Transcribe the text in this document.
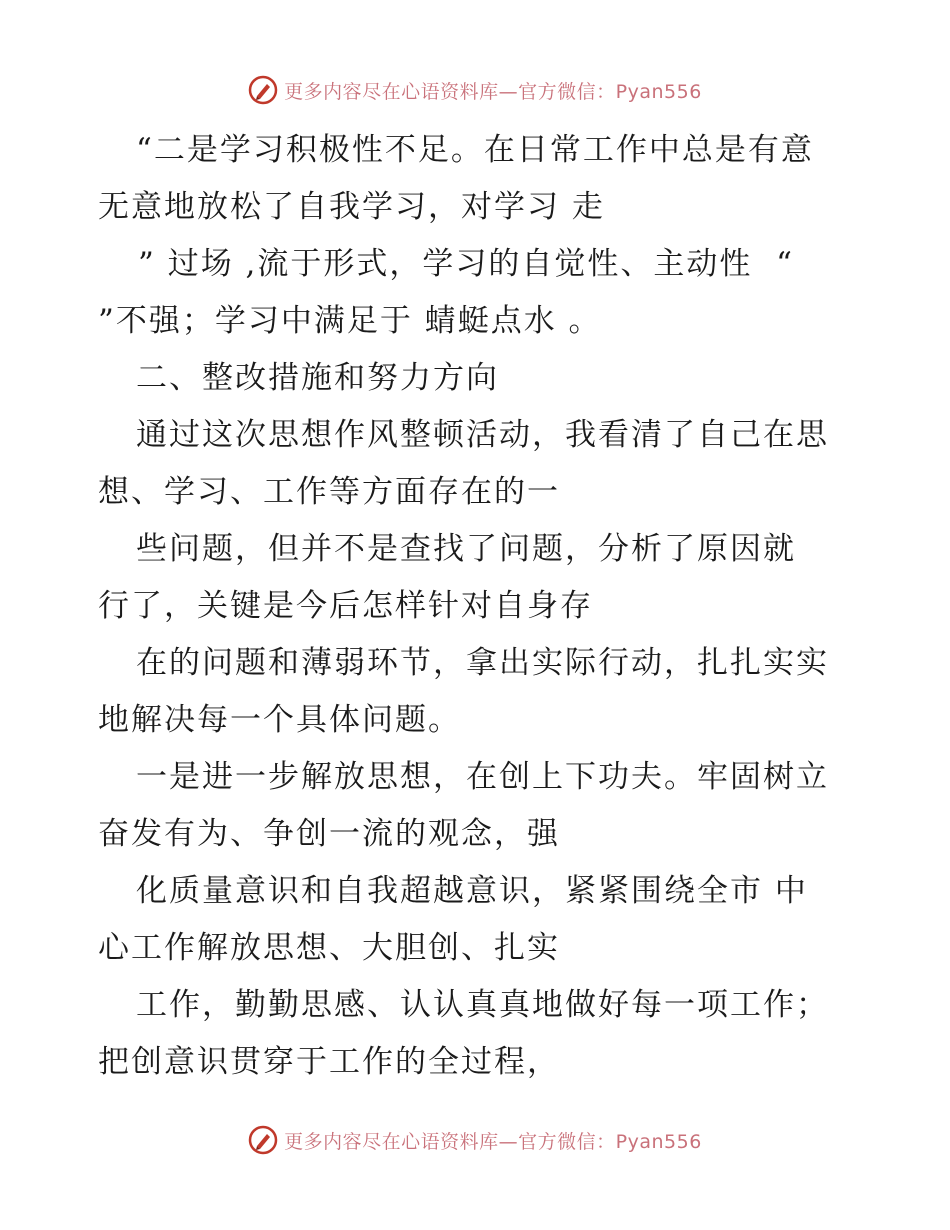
更多内容尽在心语资料库—官方微信：Pyan556
“二是学习积极性不足。在日常工作中总是有意
无意地放松了自我学习，对学习 走
” 过场 ,流于形式，学习的自觉性、主动性  “
”不强；学习中满足于 蜻蜓点水 。
二、整改措施和努力方向
通过这次思想作风整顿活动，我看清了自己在思
想、学习、工作等方面存在的一
些问题，但并不是查找了问题，分析了原因就
行了，关键是今后怎样针对自身存
在的问题和薄弱环节，拿出实际行动，扎扎实实
地解决每一个具体问题。
一是进一步解放思想，在创上下功夫。牢固树立
奋发有为、争创一流的观念，强
化质量意识和自我超越意识，紧紧围绕全市 中
心工作解放思想、大胆创、扎实
工作，勤勤思感、认认真真地做好每一项工作；
把创意识贯穿于工作的全过程，
更多内容尽在心语资料库—官方微信：Pyan556
